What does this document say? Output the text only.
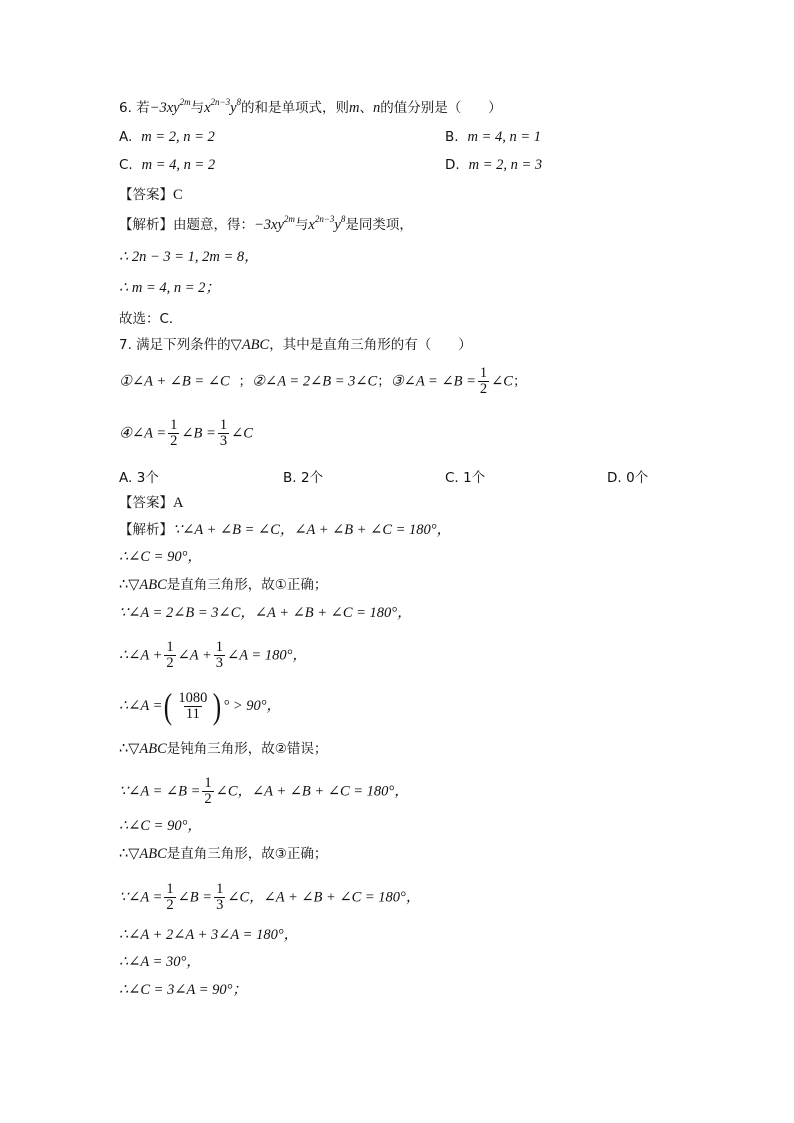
6. 若$-3xy^{2m}$与$x^{2n-3}y^8$的和是单项式，则m、n的值分别是（　　）
A. m = 2, n = 2	B. m = 4, n = 1
C. m = 4, n = 2	D. m = 2, n = 3
【答案】C
【解析】由题意，得：$-3xy^{2m}$与$x^{2n-3}y^8$是同类项，
∴ 2n − 3 = 1, 2m = 8，
∴ m = 4, n = 2；
故选：C．
7. 满足下列条件的▽ABC，其中是直角三角形的有（　　）
①∠A + ∠B = ∠C ；②∠A = 2∠B = 3∠C；③∠A = ∠B = $\frac{1}{2}$ ∠C；
④∠A = $\frac{1}{2}$ ∠B = $\frac{1}{3}$ ∠C
A. 3个	B. 2个	C. 1个	D. 0个
【答案】A
【解析】∵∠A + ∠B = ∠C，∠A + ∠B + ∠C = 180°，
∴∠C = 90°，
∴▽ABC是直角三角形，故①正确；
∵∠A = 2∠B = 3∠C，∠A + ∠B + ∠C = 180°，
∴∠A + $\frac{1}{2}$ ∠A + $\frac{1}{3}$ ∠A = 180°，
∴∠A =( $\frac{1080}{11}$ ) ° > 90°，
∴▽ABC是钝角三角形，故②错误；
∵∠A = ∠B = $\frac{1}{2}$ ∠C，∠A + ∠B + ∠C = 180°，
∴∠C = 90°，
∴▽ABC是直角三角形，故③正确；
∵∠A = $\frac{1}{2}$ ∠B = $\frac{1}{3}$ ∠C，∠A + ∠B + ∠C = 180°，
∴∠A + 2∠A + 3∠A = 180°，
∴∠A = 30°，
∴∠C = 3∠A = 90°；
